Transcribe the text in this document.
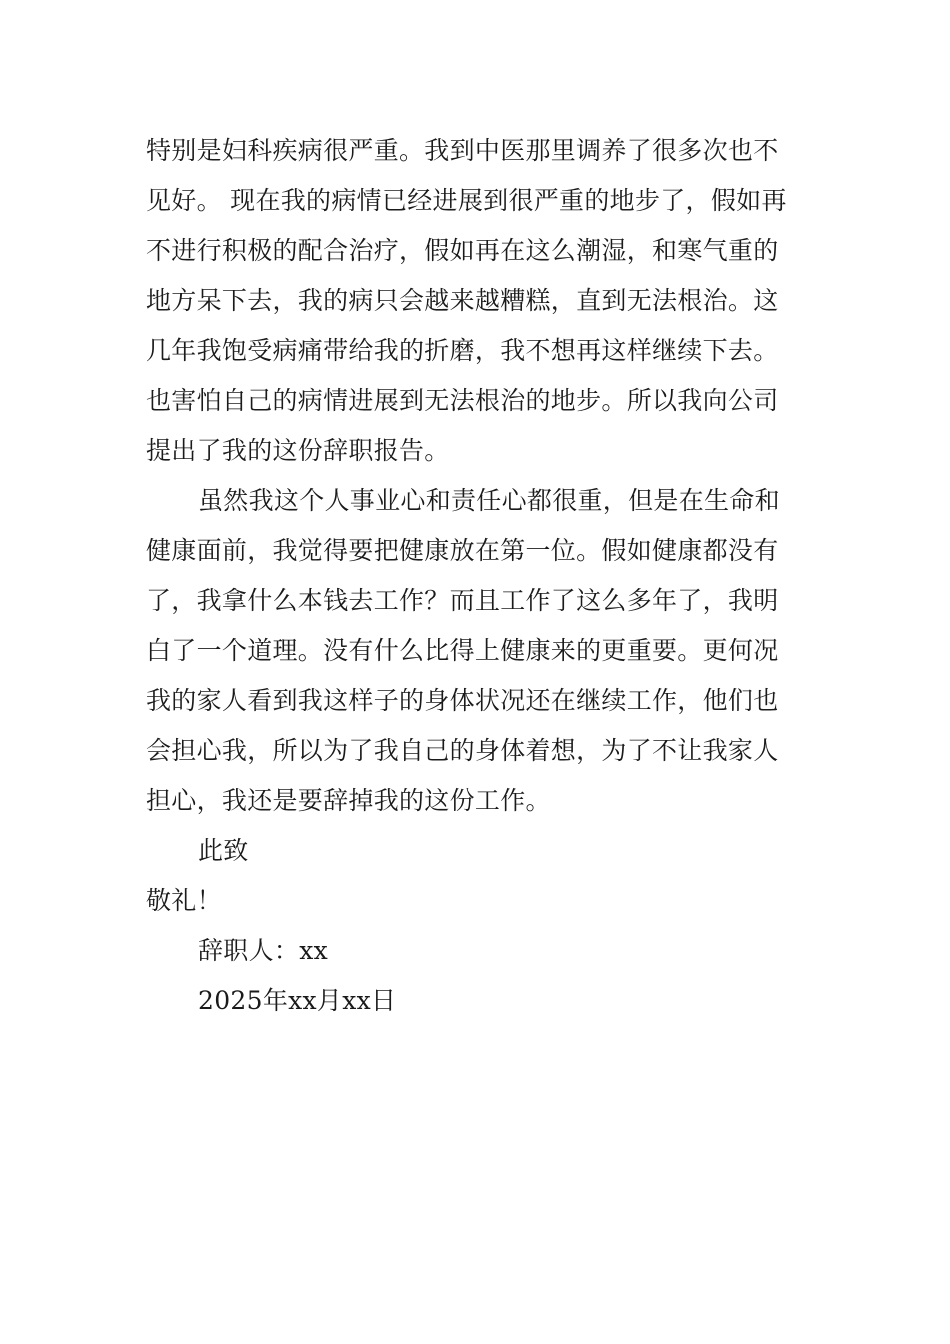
特别是妇科疾病很严重。我到中医那里调养了很多次也不
见好。 现在我的病情已经进展到很严重的地步了，假如再
不进行积极的配合治疗，假如再在这么潮湿，和寒气重的
地方呆下去，我的病只会越来越糟糕，直到无法根治。这
几年我饱受病痛带给我的折磨，我不想再这样继续下去。
也害怕自己的病情进展到无法根治的地步。所以我向公司
提出了我的这份辞职报告。
虽然我这个人事业心和责任心都很重，但是在生命和
健康面前，我觉得要把健康放在第一位。假如健康都没有
了，我拿什么本钱去工作？而且工作了这么多年了，我明
白了一个道理。没有什么比得上健康来的更重要。更何况
我的家人看到我这样子的身体状况还在继续工作，他们也
会担心我，所以为了我自己的身体着想，为了不让我家人
担心，我还是要辞掉我的这份工作。
此致
敬礼！
辞职人：xx
2025年xx月xx日
